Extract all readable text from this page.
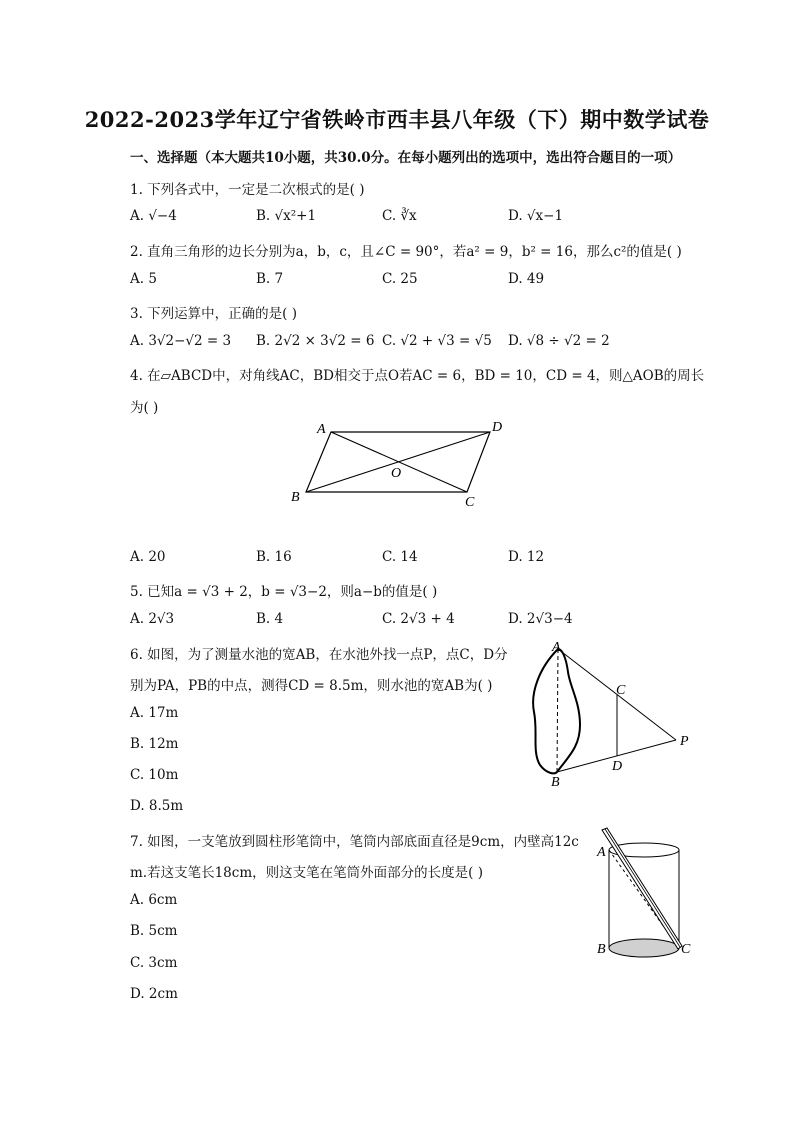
2022-2023学年辽宁省铁岭市西丰县八年级（下）期中数学试卷
一、选择题（本大题共10小题，共30.0分。在每小题列出的选项中，选出符合题目的一项）
1. 下列各式中，一定是二次根式的是( )
A. √−4	B. √x²+1	C. ∛x	D. √x−1
2. 直角三角形的边长分别为a，b，c，且∠C = 90°，若a² = 9，b² = 16，那么c²的值是( )
A. 5	B. 7	C. 25	D. 49
3. 下列运算中，正确的是( )
A. 3√2−√2 = 3 B. 2√2 × 3√2 = 6 C. √2 + √3 = √5 D. √8 ÷ √2 = 2
4. 在▱ABCD中，对角线AC，BD相交于点O若AC = 6，BD = 10，CD = 4，则△AOB的周长
为( )
A	D
B	C
O
A. 20	B. 16	C. 14	D. 12
5. 已知a = √3 + 2，b = √3−2，则a−b的值是( )
A. 2√3	B. 4	C. 2√3 + 4	D. 2√3−4
6. 如图，为了测量水池的宽AB，在水池外找一点P，点C，D分
别为PA，PB的中点，测得CD = 8.5m，则水池的宽AB为( )
A. 17m
B. 12m
C. 10m
D. 8.5m
A
B
C
D
P
7. 如图，一支笔放到圆柱形笔筒中，笔筒内部底面直径是9cm，内壁高12c
m.若这支笔长18cm，则这支笔在笔筒外面部分的长度是( )
A. 6cm
B. 5cm
C. 3cm
D. 2cm
A
B	C
